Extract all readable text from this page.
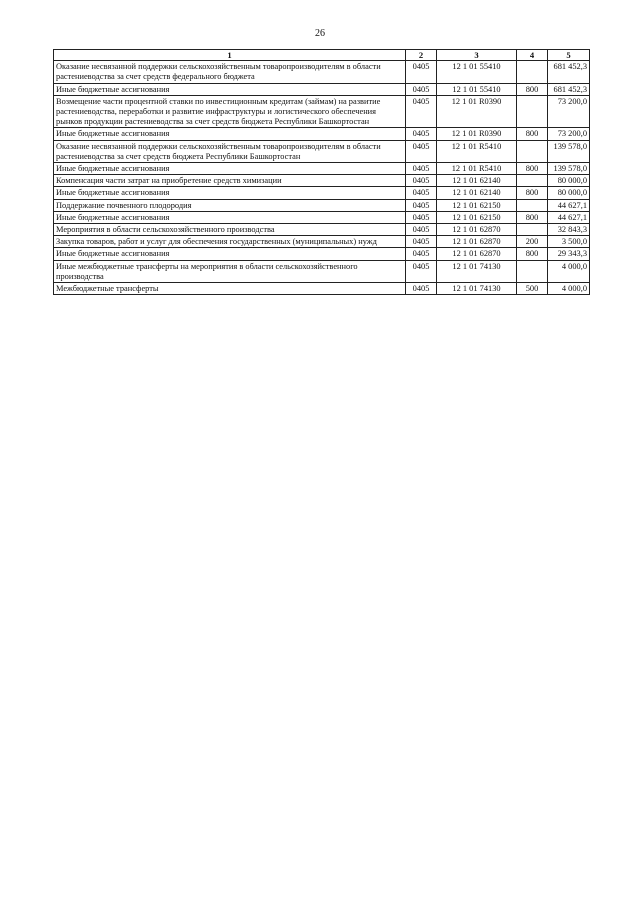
26
1	2	3	4	5
Оказание несвязанной поддержки сельскохозяйственным товаропроизводителям в области растениеводства за счет средств федерального бюджета	0405	12 1 01 55410		681 452,3
Иные бюджетные ассигнования	0405	12 1 01 55410	800	681 452,3
Возмещение части процентной ставки по инвестиционным кредитам (займам) на развитие растениеводства, переработки и развитие инфраструктуры и логистического обеспечения рынков продукции растениеводства за счет средств бюджета Республики Башкортостан	0405	12 1 01 R0390		73 200,0
Иные бюджетные ассигнования	0405	12 1 01 R0390	800	73 200,0
Оказание несвязанной поддержки сельскохозяйственным товаропроизводителям в области растениеводства за счет средств бюджета Республики Башкортостан	0405	12 1 01 R5410		139 578,0
Иные бюджетные ассигнования	0405	12 1 01 R5410	800	139 578,0
Компенсация части затрат на приобретение средств химизации	0405	12 1 01 62140		80 000,0
Иные бюджетные ассигнования	0405	12 1 01 62140	800	80 000,0
Поддержание почвенного плодородия	0405	12 1 01 62150		44 627,1
Иные бюджетные ассигнования	0405	12 1 01 62150	800	44 627,1
Мероприятия в области сельскохозяйственного производства	0405	12 1 01 62870		32 843,3
Закупка товаров, работ и услуг для обеспечения государственных (муниципальных) нужд	0405	12 1 01 62870	200	3 500,0
Иные бюджетные ассигнования	0405	12 1 01 62870	800	29 343,3
Иные межбюджетные трансферты на мероприятия в области сельскохозяйственного производства	0405	12 1 01 74130		4 000,0
Межбюджетные трансферты	0405	12 1 01 74130	500	4 000,0
